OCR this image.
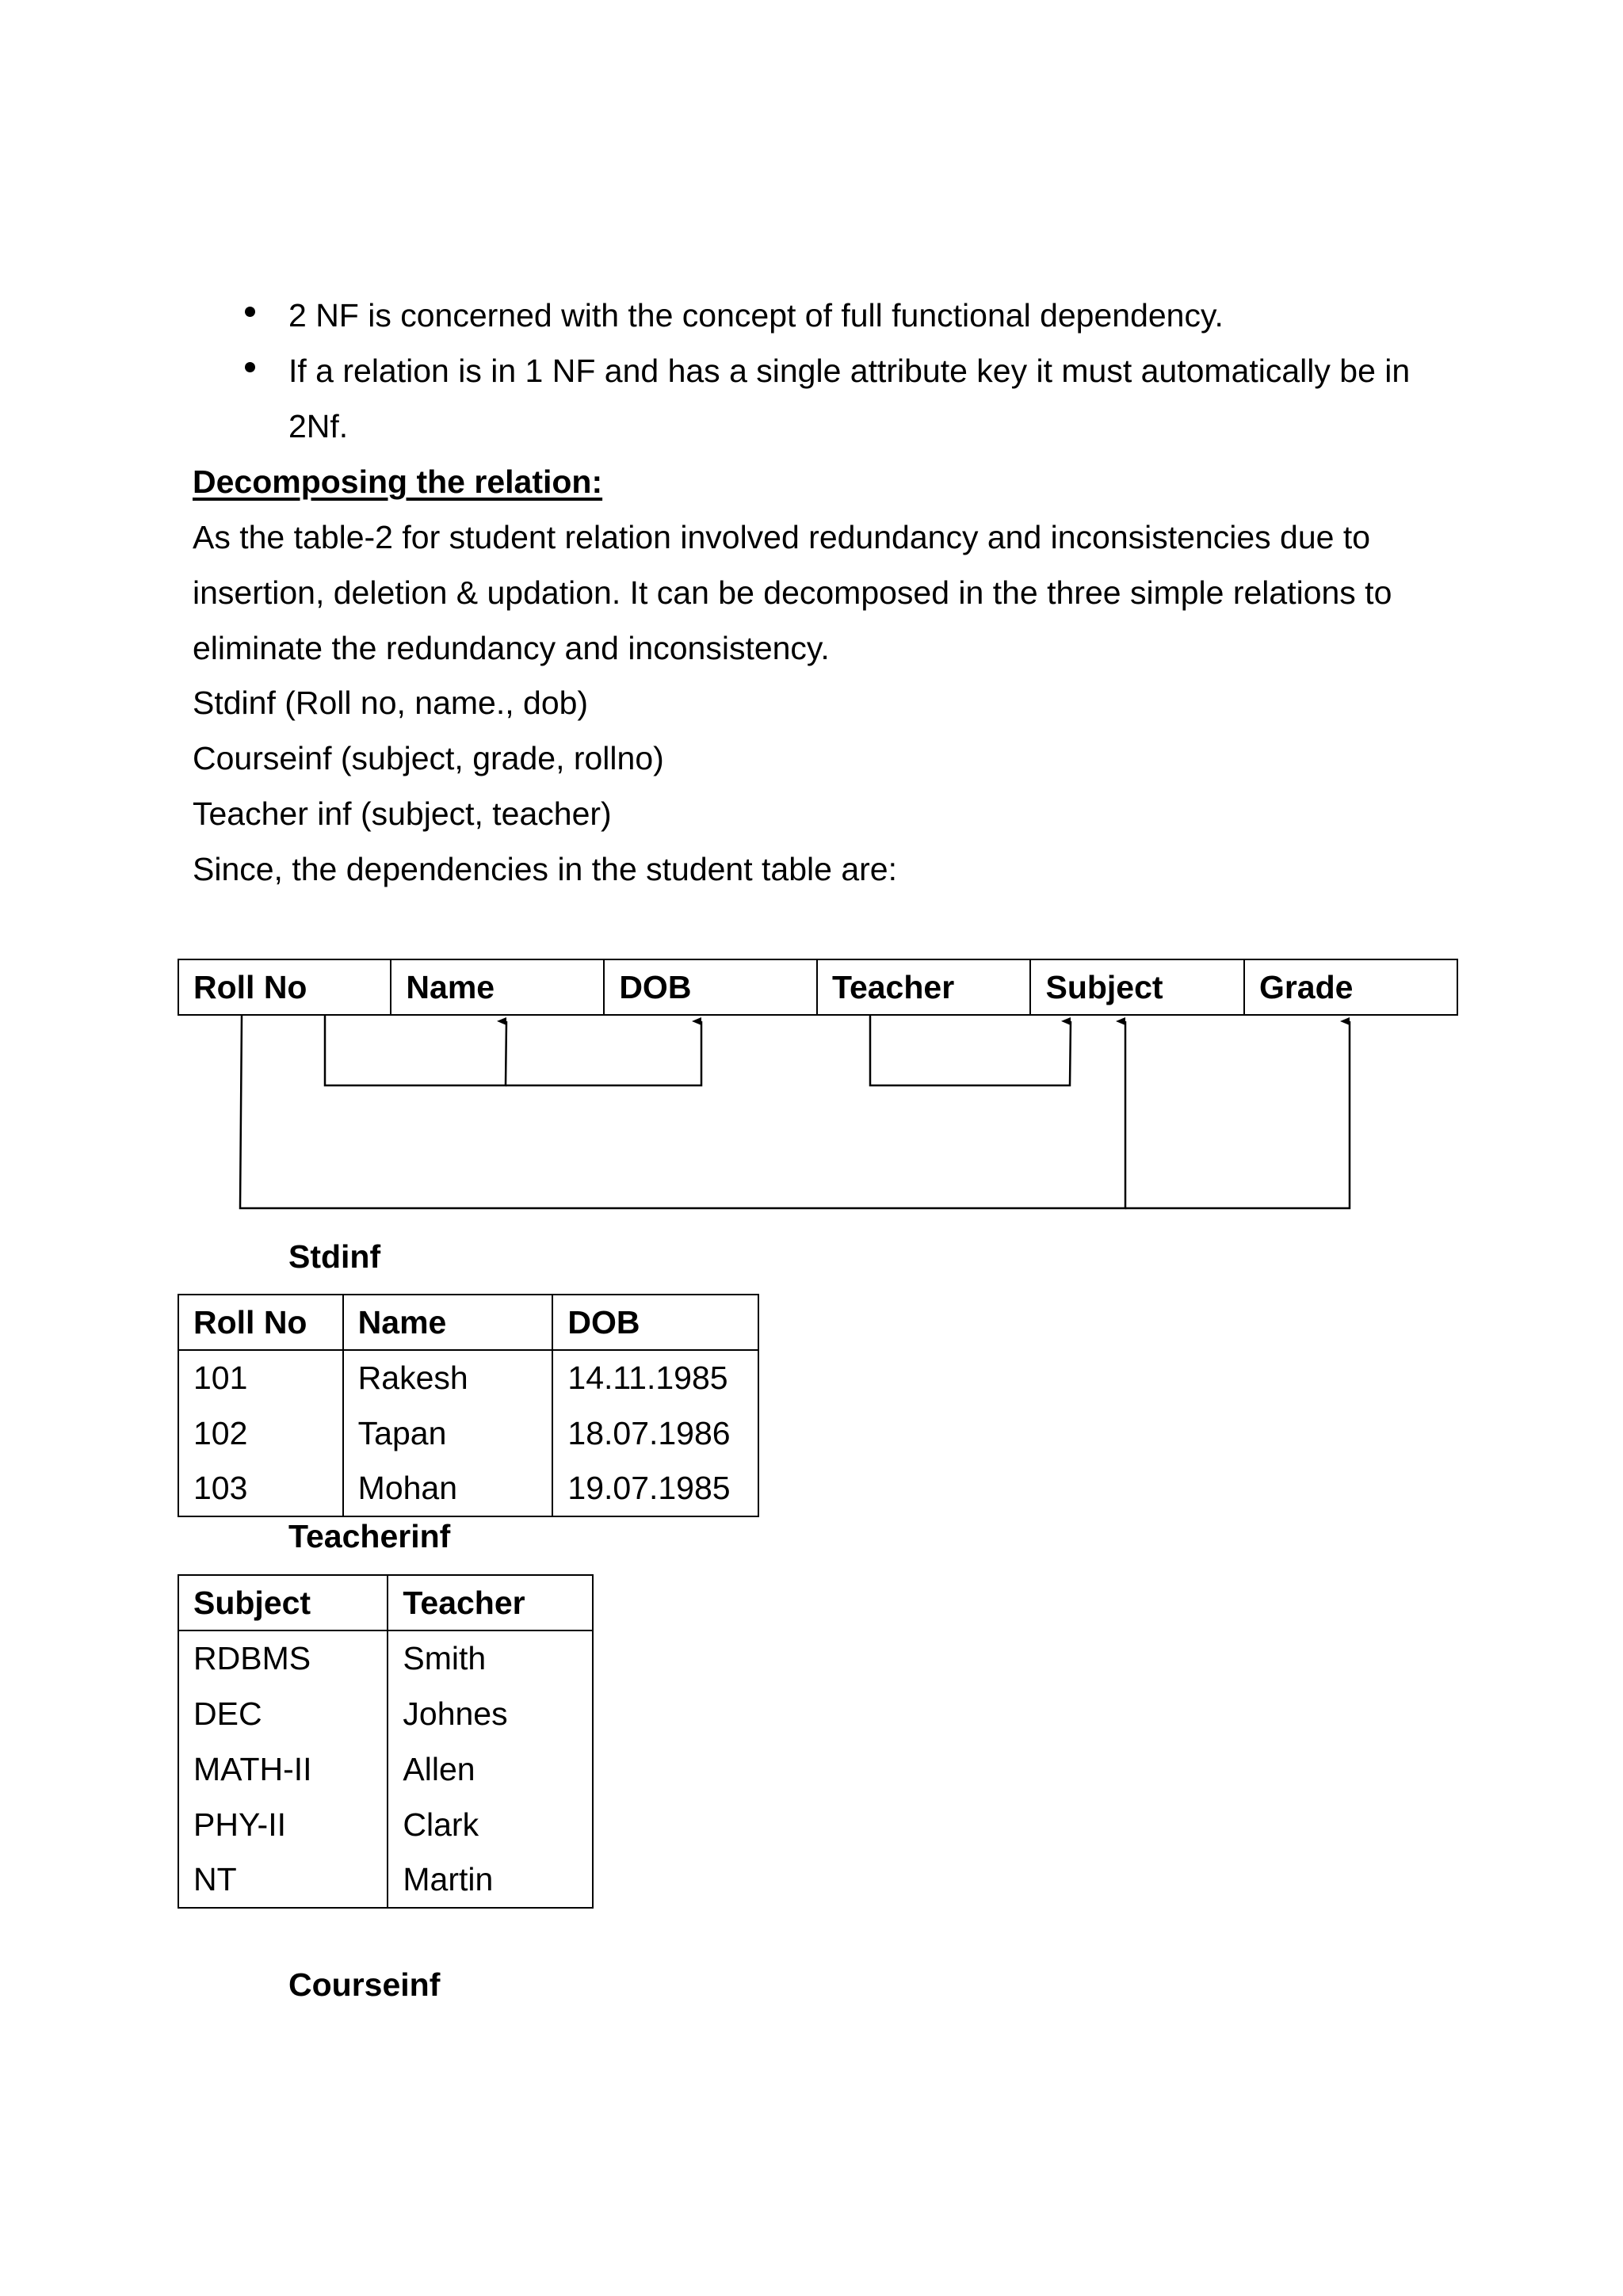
2 NF is concerned with the concept of full functional dependency.
If a relation is in 1 NF and has a single attribute key it must automatically be in
2Nf.
Decomposing the relation:
As the table-2 for student relation involved redundancy and inconsistencies due to
insertion, deletion & updation. It can be decomposed in the three simple relations to
eliminate the redundancy and inconsistency.
Stdinf (Roll no, name., dob)
Courseinf (subject, grade, rollno)
Teacher inf (subject, teacher)
Since, the dependencies in the student table are:
Roll No	Name	DOB	Teacher	Subject	Grade
Stdinf
Roll No	Name	DOB
101	Rakesh	14.11.1985
102	Tapan	18.07.1986
103	Mohan	19.07.1985
Teacherinf
Subject	Teacher
RDBMS	Smith
DEC	Johnes
MATH-II	Allen
PHY-II	Clark
NT	Martin
Courseinf
